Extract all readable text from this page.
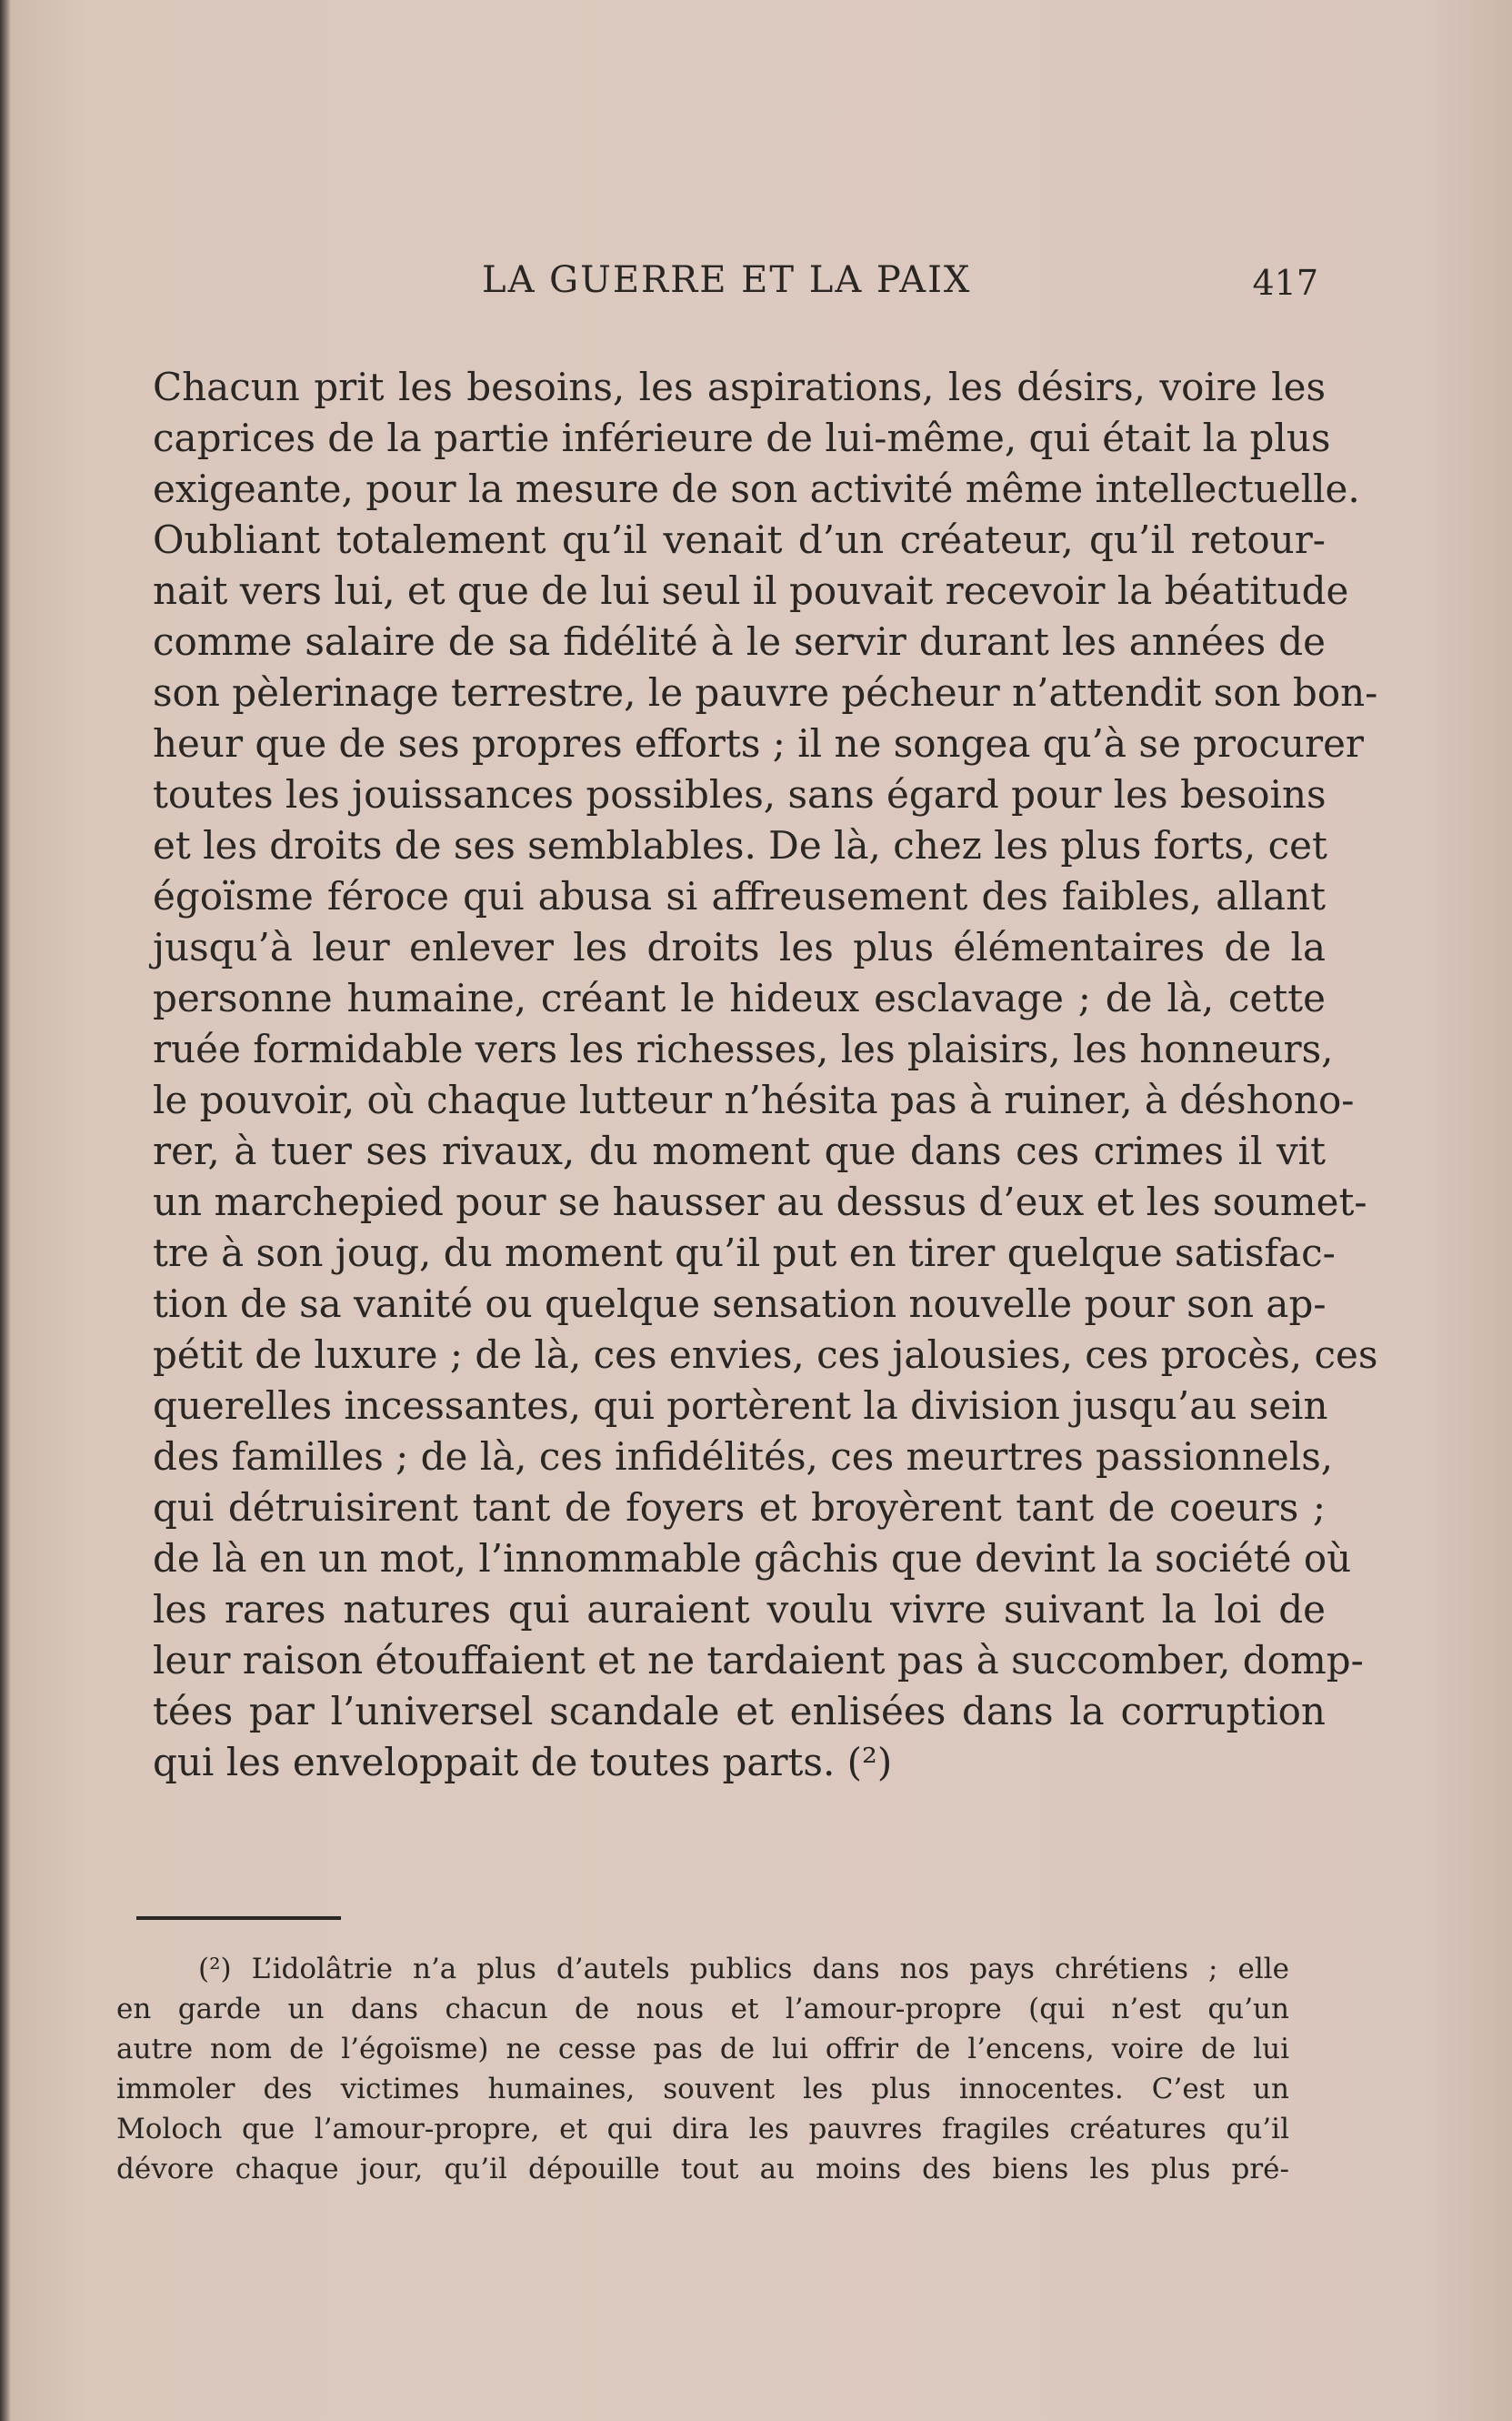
LA GUERRE ET LA PAIX	417
Chacun prit les besoins, les aspirations, les désirs, voire les
caprices de la partie inférieure de lui-même, qui était la plus
exigeante, pour la mesure de son activité même intellectuelle.
Oubliant totalement qu’il venait d’un créateur, qu’il retour-
nait vers lui, et que de lui seul il pouvait recevoir la béatitude
comme salaire de sa fidélité à le servir durant les années de
son pèlerinage terrestre, le pauvre pécheur n’attendit son bon-
heur que de ses propres efforts ; il ne songea qu’à se procurer
toutes les jouissances possibles, sans égard pour les besoins
et les droits de ses semblables. De là, chez les plus forts, cet
égoïsme féroce qui abusa si affreusement des faibles, allant
jusqu’à leur enlever les droits les plus élémentaires de la
personne humaine, créant le hideux esclavage ; de là, cette
ruée formidable vers les richesses, les plaisirs, les honneurs,
le pouvoir, où chaque lutteur n’hésita pas à ruiner, à déshono-
rer, à tuer ses rivaux, du moment que dans ces crimes il vit
un marchepied pour se hausser au dessus d’eux et les soumet-
tre à son joug, du moment qu’il put en tirer quelque satisfac-
tion de sa vanité ou quelque sensation nouvelle pour son ap-
pétit de luxure ; de là, ces envies, ces jalousies, ces procès, ces
querelles incessantes, qui portèrent la division jusqu’au sein
des familles ; de là, ces infidélités, ces meurtres passionnels,
qui détruisirent tant de foyers et broyèrent tant de coeurs ;
de là en un mot, l’innommable gâchis que devint la société où
les rares natures qui auraient voulu vivre suivant la loi de
leur raison étouffaient et ne tardaient pas à succomber, domp-
tées par l’universel scandale et enlisées dans la corruption
qui les enveloppait de toutes parts. (²)
(²) L’idolâtrie n’a plus d’autels publics dans nos pays chrétiens ; elle
en garde un dans chacun de nous et l’amour-propre (qui n’est qu’un
autre nom de l’égoïsme) ne cesse pas de lui offrir de l’encens, voire de lui
immoler des victimes humaines, souvent les plus innocentes. C’est un
Moloch que l’amour-propre, et qui dira les pauvres fragiles créatures qu’il
dévore chaque jour, qu’il dépouille tout au moins des biens les plus pré-
